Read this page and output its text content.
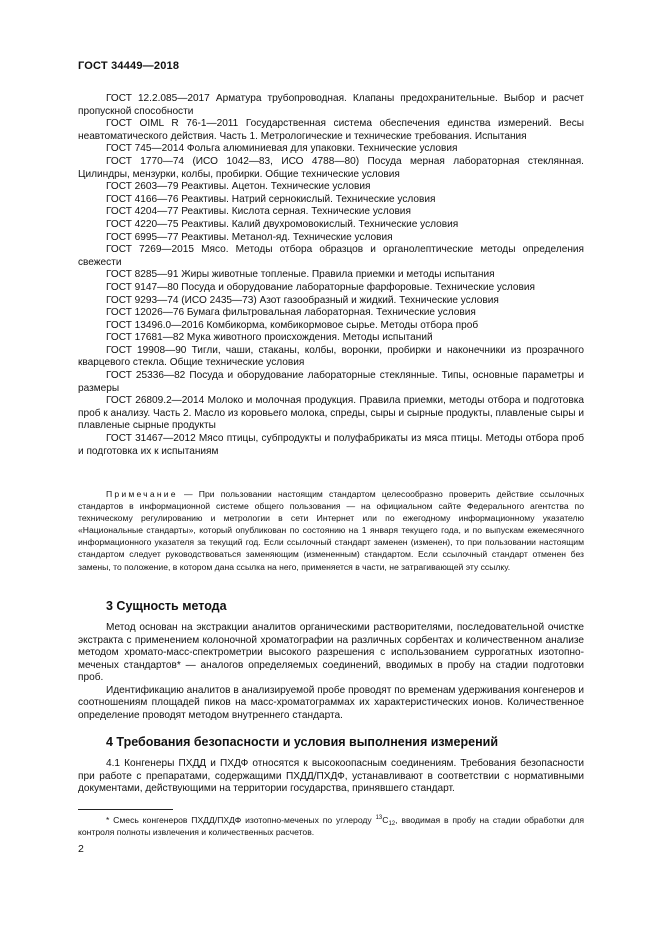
ГОСТ 34449—2018

ГОСТ 12.2.085—2017 Арматура трубопроводная. Клапаны предохранительные. Выбор и расчет пропускной способности

ГОСТ OIML R 76-1—2011 Государственная система обеспечения единства измерений. Весы неавтоматического действия. Часть 1. Метрологические и технические требования. Испытания

ГОСТ 745—2014 Фольга алюминиевая для упаковки. Технические условия

ГОСТ 1770—74 (ИСО 1042—83, ИСО 4788—80) Посуда мерная лабораторная стеклянная. Цилиндры, мензурки, колбы, пробирки. Общие технические условия

ГОСТ 2603—79 Реактивы. Ацетон. Технические условия

ГОСТ 4166—76 Реактивы. Натрий сернокислый. Технические условия

ГОСТ 4204—77 Реактивы. Кислота серная. Технические условия

ГОСТ 4220—75 Реактивы. Калий двухромовокислый. Технические условия

ГОСТ 6995—77 Реактивы. Метанол-яд. Технические условия

ГОСТ 7269—2015 Мясо. Методы отбора образцов и органолептические методы определения свежести

ГОСТ 8285—91 Жиры животные топленые. Правила приемки и методы испытания

ГОСТ 9147—80 Посуда и оборудование лабораторные фарфоровые. Технические условия

ГОСТ 9293—74 (ИСО 2435—73) Азот газообразный и жидкий. Технические условия

ГОСТ 12026—76 Бумага фильтровальная лабораторная. Технические условия

ГОСТ 13496.0—2016 Комбикорма, комбикормовое сырье. Методы отбора проб

ГОСТ 17681—82 Мука животного происхождения. Методы испытаний

ГОСТ 19908—90 Тигли, чаши, стаканы, колбы, воронки, пробирки и наконечники из прозрачного кварцевого стекла. Общие технические условия

ГОСТ 25336—82 Посуда и оборудование лабораторные стеклянные. Типы, основные параметры и размеры

ГОСТ 26809.2—2014 Молоко и молочная продукция. Правила приемки, методы отбора и подготовка проб к анализу. Часть 2. Масло из коровьего молока, спреды, сыры и сырные продукты, плавленые сыры и плавленые сырные продукты

ГОСТ 31467—2012 Мясо птицы, субпродукты и полуфабрикаты из мяса птицы. Методы отбора проб и подготовка их к испытаниям

Примечание — При пользовании настоящим стандартом целесообразно проверить действие ссылочных стандартов в информационной системе общего пользования — на официальном сайте Федерального агентства по техническому регулированию и метрологии в сети Интернет или по ежегодному информационному указателю «Национальные стандарты», который опубликован по состоянию на 1 января текущего года, и по выпускам ежемесячного информационного указателя за текущий год. Если ссылочный стандарт заменен (изменен), то при пользовании настоящим стандартом следует руководствоваться заменяющим (измененным) стандартом. Если ссылочный стандарт отменен без замены, то положение, в котором дана ссылка на него, применяется в части, не затрагивающей эту ссылку.

3 Сущность метода

Метод основан на экстракции аналитов органическими растворителями, последовательной очистке экстракта с применением колоночной хроматографии на различных сорбентах и количественном анализе методом хромато-масс-спектрометрии высокого разрешения с использованием суррогатных изотопно-меченых стандартов* — аналогов определяемых соединений, вводимых в пробу на стадии подготовки проб.

Идентификацию аналитов в анализируемой пробе проводят по временам удерживания конгенеров и соотношениям площадей пиков на масс-хроматограммах их характеристических ионов. Количественное определение проводят методом внутреннего стандарта.

4 Требования безопасности и условия выполнения измерений

4.1 Конгенеры ПХДД и ПХДФ относятся к высокоопасным соединениям. Требования безопасности при работе с препаратами, содержащими ПХДД/ПХДФ, устанавливают в соответствии с нормативными документами, действующими на территории государства, принявшего стандарт.

* Смесь конгенеров ПХДД/ПХДФ изотопно-меченых по углероду $^{13}C_{12}$, вводимая в пробу на стадии обработки для контроля полноты извлечения и количественных расчетов.

2
